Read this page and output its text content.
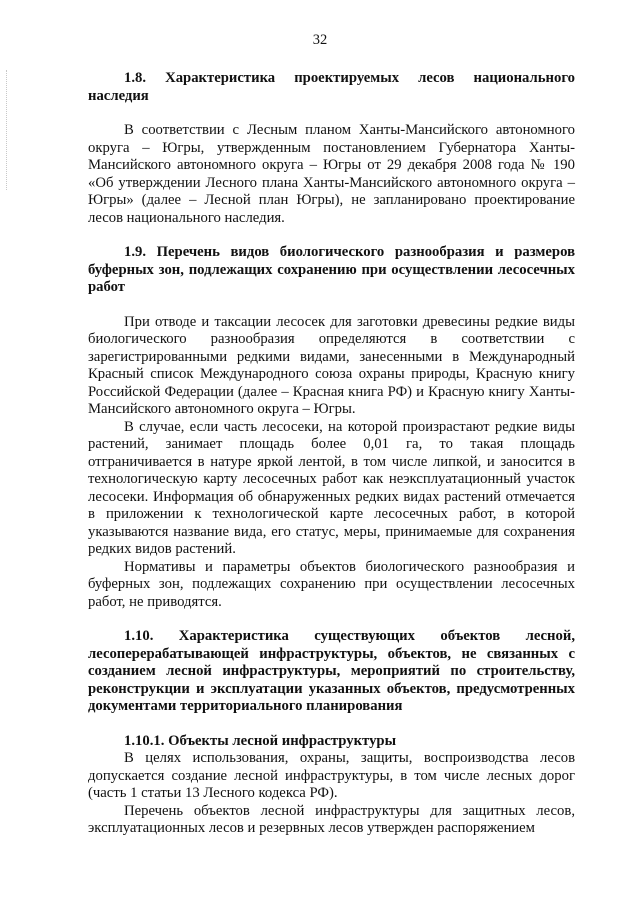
32

1.8. Характеристика проектируемых лесов национального наследия

В соответствии с Лесным планом Ханты-Мансийского автономного округа – Югры, утвержденным постановлением Губернатора Ханты-Мансийского автономного округа – Югры от 29 декабря 2008 года № 190 «Об утверждении Лесного плана Ханты-Мансийского автономного округа – Югры» (далее – Лесной план Югры), не запланировано проектирование лесов национального наследия.

1.9. Перечень видов биологического разнообразия и размеров буферных зон, подлежащих сохранению при осуществлении лесосечных работ

При отводе и таксации лесосек для заготовки древесины редкие виды биологического разнообразия определяются в соответствии с зарегистрированными редкими видами, занесенными в Международный Красный список Международного союза охраны природы, Красную книгу Российской Федерации (далее – Красная книга РФ) и Красную книгу Ханты-Мансийского автономного округа – Югры.

В случае, если часть лесосеки, на которой произрастают редкие виды растений, занимает площадь более 0,01 га, то такая площадь отграничивается в натуре яркой лентой, в том числе липкой, и заносится в технологическую карту лесосечных работ как неэксплуатационный участок лесосеки. Информация об обнаруженных редких видах растений отмечается в приложении к технологической карте лесосечных работ, в которой указываются название вида, его статус, меры, принимаемые для сохранения редких видов растений.

Нормативы и параметры объектов биологического разнообразия и буферных зон, подлежащих сохранению при осуществлении лесосечных работ, не приводятся.

1.10. Характеристика существующих объектов лесной, лесоперерабатывающей инфраструктуры, объектов, не связанных с созданием лесной инфраструктуры, мероприятий по строительству, реконструкции и эксплуатации указанных объектов, предусмотренных документами территориального планирования

1.10.1. Объекты лесной инфраструктуры

В целях использования, охраны, защиты, воспроизводства лесов допускается создание лесной инфраструктуры, в том числе лесных дорог (часть 1 статьи 13 Лесного кодекса РФ).

Перечень объектов лесной инфраструктуры для защитных лесов, эксплуатационных лесов и резервных лесов утвержден распоряжением
